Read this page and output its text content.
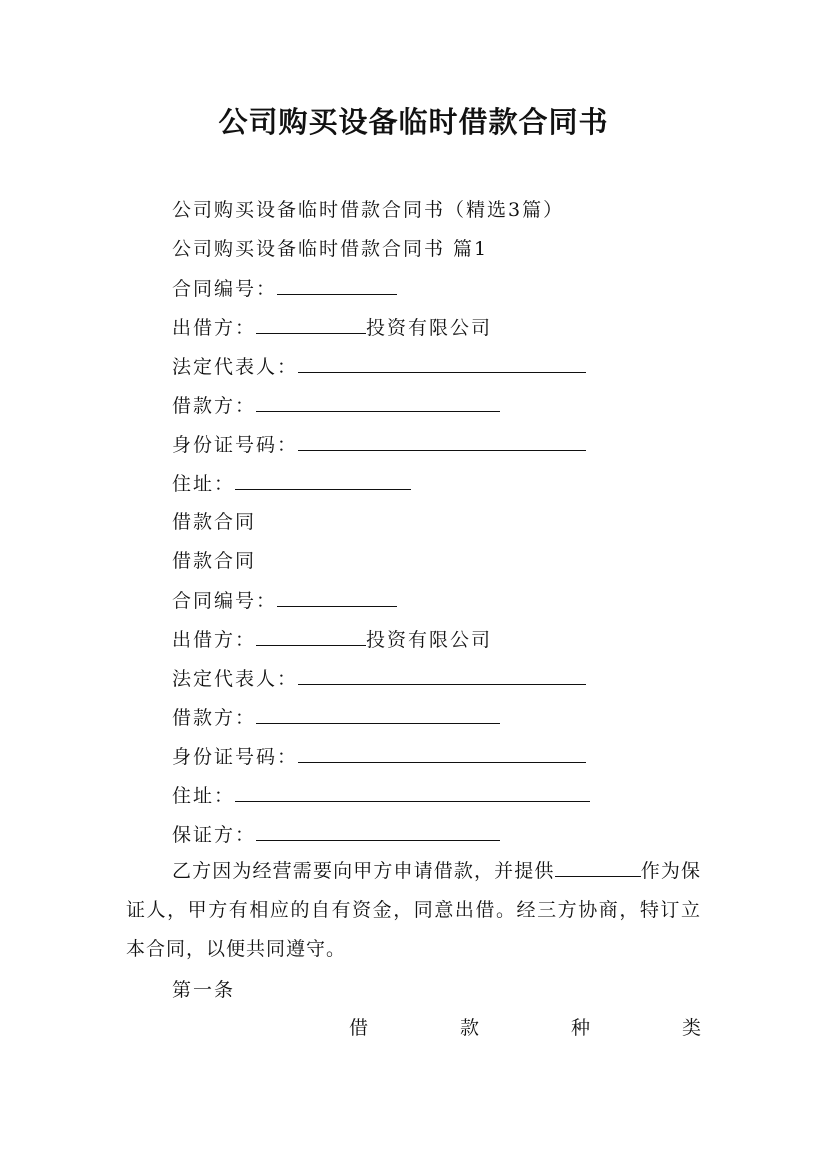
公司购买设备临时借款合同书
公司购买设备临时借款合同书（精选3篇）
公司购买设备临时借款合同书 篇1
合同编号：
出借方：	投资有限公司
法定代表人：
借款方：
身份证号码：
住址：
借款合同
借款合同
合同编号：
出借方：	投资有限公司
法定代表人：
借款方：
身份证号码：
住址：
保证方：
乙方因为经营需要向甲方申请借款，并提供	作为保证人，甲方有相应的自有资金，同意出借。经三方协商，特订立本合同，以便共同遵守。
第一条
借	款	种	类
